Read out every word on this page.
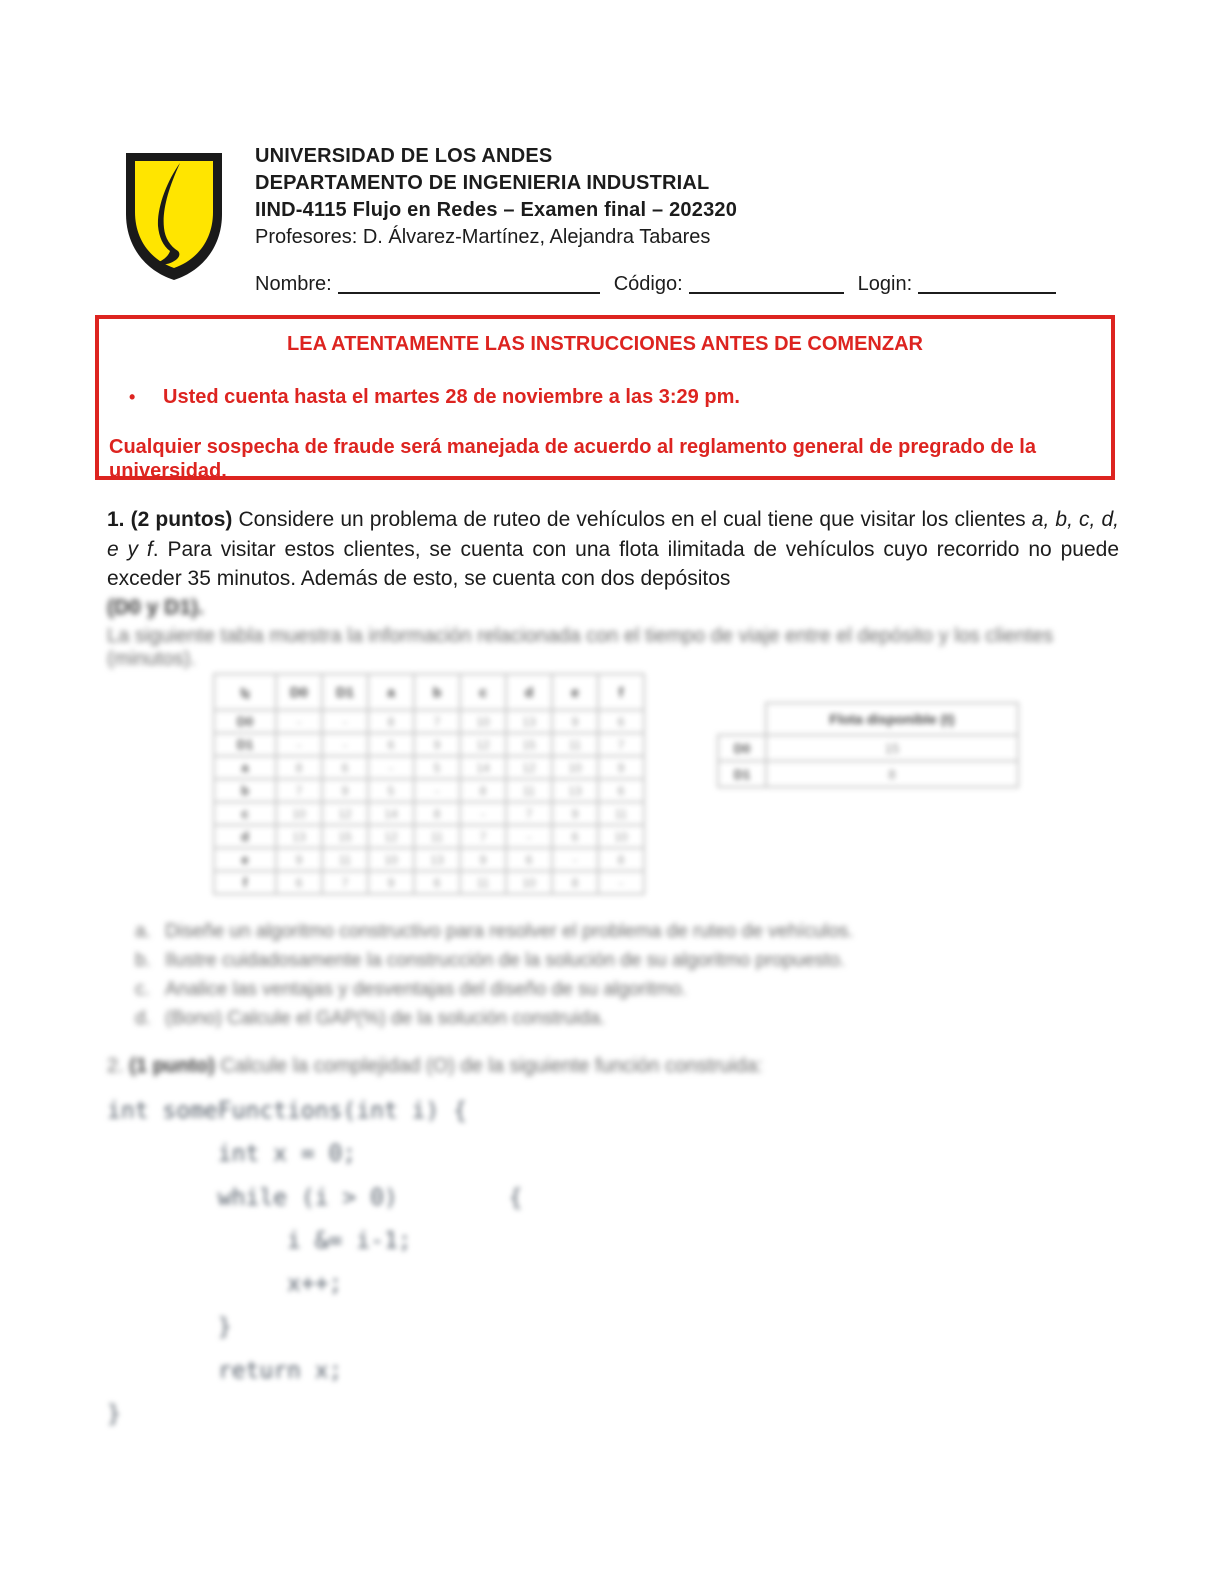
UNIVERSIDAD DE LOS ANDES
DEPARTAMENTO DE INGENIERIA INDUSTRIAL
IIND-4115 Flujo en Redes – Examen final – 202320
Profesores: D. Álvarez-Martínez, Alejandra Tabares
Nombre:	Código:	Login:
LEA ATENTAMENTE LAS INSTRUCCIONES ANTES DE COMENZAR
• Usted cuenta hasta el martes 28 de noviembre a las 3:29 pm.
Cualquier sospecha de fraude será manejada de acuerdo al reglamento general de pregrado de la universidad.

1. (2 puntos) Considere un problema de ruteo de vehículos en el cual tiene que visitar los clientes a, b, c, d, e y f. Para visitar estos clientes, se cuenta con una flota ilimitada de vehículos cuyo recorrido no puede exceder 35 minutos. Además de esto, se cuenta con dos depósitos

(D0 y D1).
La siguiente tabla muestra la información relacionada con el tiempo de viaje entre el depósito y los clientes (minutos).
tᵢⱼ	D0	D1	a	b	c	d	e	f
D0	-	-	8	7	10	13	9	6
D1	-	-	6	9	12	15	11	7
a	8	6	-	5	14	12	10	9
b	7	9	5	-	8	11	13	6
c	10	12	14	8	-	7	9	11
d	13	15	12	11	7	-	6	10
e	9	11	10	13	9	6	-	8
f	6	7	9	6	11	10	8	-
	Flota disponible (t)
D0	15
D1	8
a. Diseñe un algoritmo constructivo para resolver el problema de ruteo de vehículos.
b. Ilustre cuidadosamente la construcción de la solución de su algoritmo propuesto.
c. Analice las ventajas y desventajas del diseño de su algoritmo.
d. (Bono) Calcule el GAP(%) de la solución construida.
2. (1 punto) Calcule la complejidad (O) de la siguiente función construida:
int someFunctions(int i) {
int x = 0;
while (i > 0)        {
i &= i-1;
x++;
}
return x;
}
